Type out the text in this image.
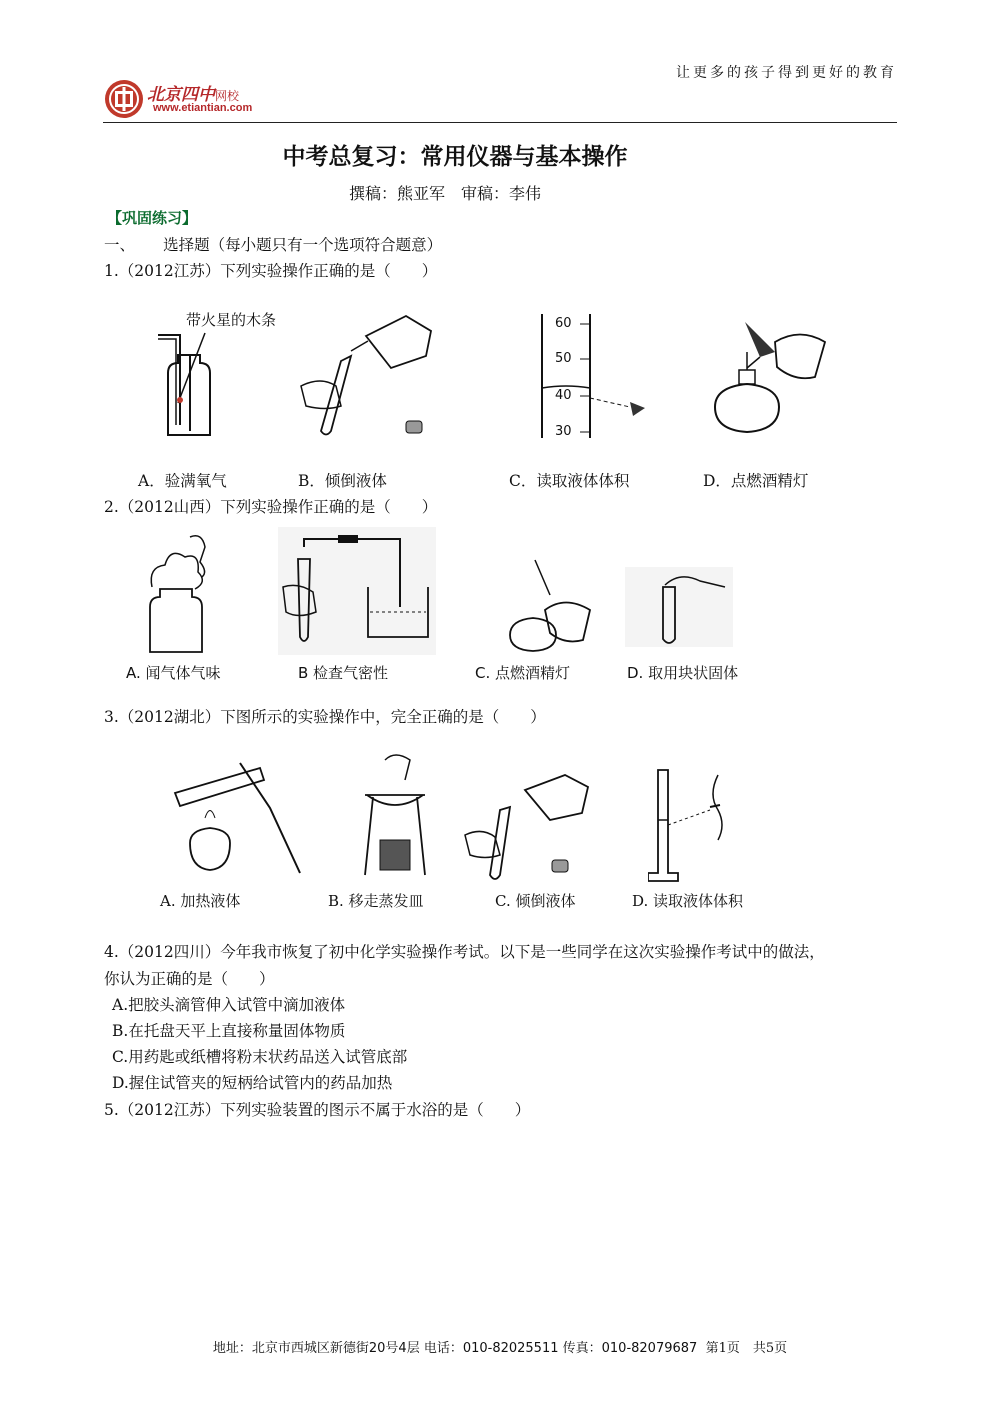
让更多的孩子得到更好的教育
北京四中网校
www.etiantian.com
中考总复习：常用仪器与基本操作
撰稿：熊亚军　审稿：李伟
【巩固练习】
一、　　 选择题（每小题只有一个选项符合题意）
1.（2012江苏）下列实验操作正确的是（　　）
带火星的木条	60
50
40
30
A．验满氧气	B．倾倒液体	C．读取液体体积	D．点燃酒精灯
2.（2012山西）下列实验操作正确的是（　　）
A. 闻气体气味	B 检查气密性	C. 点燃酒精灯	D. 取用块状固体
3.（2012湖北）下图所示的实验操作中，完全正确的是（　　）
A. 加热液体	B. 移走蒸发皿	C. 倾倒液体	D. 读取液体体积
4.（2012四川）今年我市恢复了初中化学实验操作考试。以下是一些同学在这次实验操作考试中的做法，
你认为正确的是（　　）
A.把胶头滴管伸入试管中滴加液体
B.在托盘天平上直接称量固体物质
C.用药匙或纸槽将粉末状药品送入试管底部
D.握住试管夹的短柄给试管内的药品加热
5.（2012江苏）下列实验装置的图示不属于水浴的是（　　）
地址：北京市西城区新德街20号4层 电话：010-82025511 传真：010-82079687 第1页　共5页
